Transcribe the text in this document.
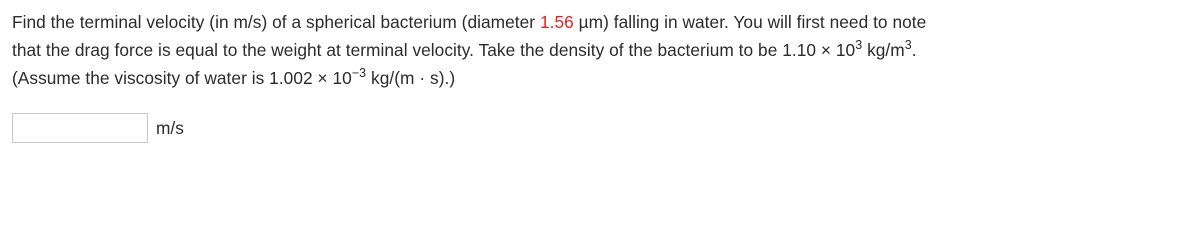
Find the terminal velocity (in m/s) of a spherical bacterium (diameter 1.56 µm) falling in water. You will first need to note
that the drag force is equal to the weight at terminal velocity. Take the density of the bacterium to be $1.10 \times 10^3$ $kg/m^3$.
(Assume the viscosity of water is $1.002 \times 10^{-3}$ kg/(m · s).)
m/s
